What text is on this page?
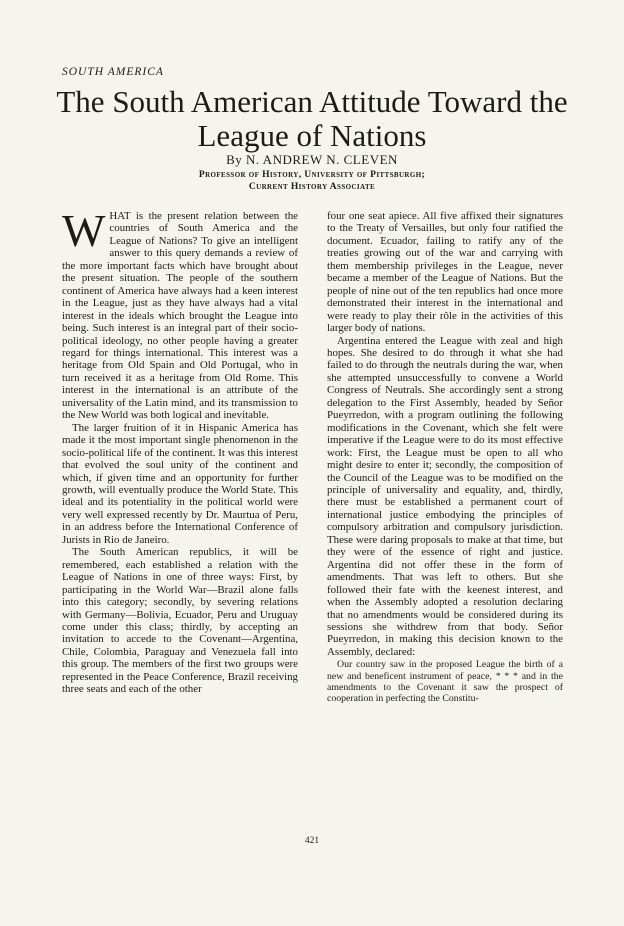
SOUTH AMERICA
The South American Attitude Toward the
League of Nations
By N. ANDREW N. CLEVEN
Professor of History, University of Pittsburgh;
Current History Associate

WHAT is the present relation between the countries of South America and the League of Nations? To give an intelligent answer to this query demands a review of the more important facts which have brought about the present situation. The people of the southern continent of America have always had a keen interest in the League, just as they have always had a vital interest in the ideals which brought the League into being. Such interest is an integral part of their socio-political ideology, no other people having a greater regard for things international. This interest was a heritage from Old Spain and Old Portugal, who in turn received it as a heritage from Old Rome. This interest in the international is an attribute of the universality of the Latin mind, and its transmission to the New World was both logical and inevitable.

The larger fruition of it in Hispanic America has made it the most important single phenomenon in the socio-political life of the continent. It was this interest that evolved the soul unity of the continent and which, if given time and an opportunity for further growth, will eventually produce the World State. This ideal and its potentiality in the political world were very well expressed recently by Dr. Maurtua of Peru, in an address before the International Conference of Jurists in Rio de Janeiro.

The South American republics, it will be remembered, each established a relation with the League of Nations in one of three ways: First, by participating in the World War—Brazil alone falls into this category; secondly, by severing relations with Germany—Bolivia, Ecuador, Peru and Uruguay come under this class; thirdly, by accepting an invitation to accede to the Covenant—Argentina, Chile, Colombia, Paraguay and Venezuela fall into this group. The members of the first two groups were represented in the Peace Conference, Brazil receiving three seats and each of the other

four one seat apiece. All five affixed their signatures to the Treaty of Versailles, but only four ratified the document. Ecuador, failing to ratify any of the treaties growing out of the war and carrying with them membership privileges in the League, never became a member of the League of Nations. But the people of nine out of the ten republics had once more demonstrated their interest in the international and were ready to play their rôle in the activities of this larger body of nations.

Argentina entered the League with zeal and high hopes. She desired to do through it what she had failed to do through the neutrals during the war, when she attempted unsuccessfully to convene a World Congress of Neutrals. She accordingly sent a strong delegation to the First Assembly, headed by Señor Pueyrredon, with a program outlining the following modifications in the Covenant, which she felt were imperative if the League were to do its most effective work: First, the League must be open to all who might desire to enter it; secondly, the composition of the Council of the League was to be modified on the principle of universality and equality, and, thirdly, there must be established a permanent court of international justice embodying the principles of compulsory arbitration and compulsory jurisdiction. These were daring proposals to make at that time, but they were of the essence of right and justice. Argentina did not offer these in the form of amendments. That was left to others. But she followed their fate with the keenest interest, and when the Assembly adopted a resolution declaring that no amendments would be considered during its sessions she withdrew from that body. Señor Pueyrredon, in making this decision known to the Assembly, declared:

Our country saw in the proposed League the birth of a new and beneficent instrument of peace, * * * and in the amendments to the Covenant it saw the prospect of cooperation in perfecting the Constitu-

421
